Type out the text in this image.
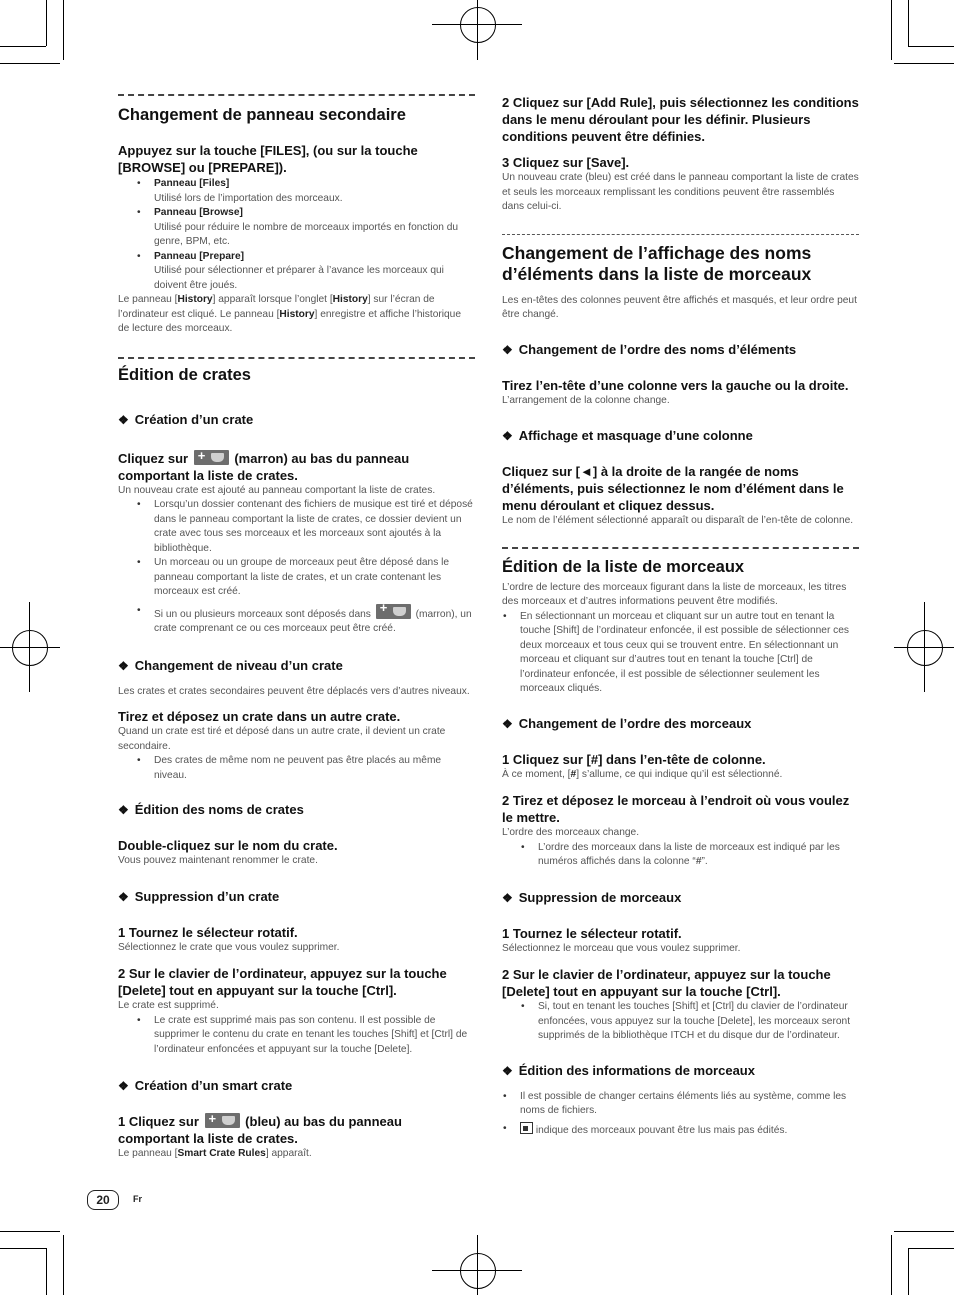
Changement de panneau secondaire

Appuyez sur la touche [FILES], (ou sur la touche [BROWSE] ou [PREPARE]).

• Panneau [Files]
Utilisé lors de l’importation des morceaux.
• Panneau [Browse]
Utilisé pour réduire le nombre de morceaux importés en fonction du genre, BPM, etc.
• Panneau [Prepare]
Utilisé pour sélectionner et préparer à l’avance les morceaux qui doivent être joués.

Le panneau [History] apparaît lorsque l’onglet [History] sur l’écran de l’ordinateur est cliqué. Le panneau [History] enregistre et affiche l’historique de lecture des morceaux.

Édition de crates

❖ Création d’un crate

Cliquez sur +	(marron) au bas du panneau comportant la liste de crates.

Un nouveau crate est ajouté au panneau comportant la liste de crates.

• Lorsqu’un dossier contenant des fichiers de musique est tiré et déposé dans le panneau comportant la liste de crates, ce dossier devient un crate avec tous ses morceaux et les morceaux sont ajoutés à la bibliothèque.
• Un morceau ou un groupe de morceaux peut être déposé dans le panneau comportant la liste de crates, et un crate contenant les morceaux est créé.
• Si un ou plusieurs morceaux sont déposés dans +	(marron), un crate comprenant ce ou ces morceaux peut être créé.

❖ Changement de niveau d’un crate

Les crates et crates secondaires peuvent être déplacés vers d’autres niveaux.

Tirez et déposez un crate dans un autre crate.

Quand un crate est tiré et déposé dans un autre crate, il devient un crate secondaire.

• Des crates de même nom ne peuvent pas être placés au même niveau.

❖ Édition des noms de crates

Double-cliquez sur le nom du crate.

Vous pouvez maintenant renommer le crate.

❖ Suppression d’un crate

1 Tournez le sélecteur rotatif.

Sélectionnez le crate que vous voulez supprimer.

2 Sur le clavier de l’ordinateur, appuyez sur la touche [Delete] tout en appuyant sur la touche [Ctrl].

Le crate est supprimé.

• Le crate est supprimé mais pas son contenu. Il est possible de supprimer le contenu du crate en tenant les touches [Shift] et [Ctrl] de l’ordinateur enfoncées et appuyant sur la touche [Delete].

❖ Création d’un smart crate

1 Cliquez sur +	(bleu) au bas du panneau comportant la liste de crates.

Le panneau [Smart Crate Rules] apparaît.

2 Cliquez sur [Add Rule], puis sélectionnez les conditions dans le menu déroulant pour les définir. Plusieurs conditions peuvent être définies.

3 Cliquez sur [Save].

Un nouveau crate (bleu) est créé dans le panneau comportant la liste de crates et seuls les morceaux remplissant les conditions peuvent être rassemblés dans celui-ci.

Changement de l’affichage des noms d’éléments dans la liste de morceaux

Les en-têtes des colonnes peuvent être affichés et masqués, et leur ordre peut être changé.

❖ Changement de l’ordre des noms d’éléments

Tirez l’en-tête d’une colonne vers la gauche ou la droite.

L’arrangement de la colonne change.

❖ Affichage et masquage d’une colonne

Cliquez sur [◄] à la droite de la rangée de noms d’éléments, puis sélectionnez le nom d’élément dans le menu déroulant et cliquez dessus.

Le nom de l’élément sélectionné apparaît ou disparaît de l’en-tête de colonne.

Édition de la liste de morceaux

L’ordre de lecture des morceaux figurant dans la liste de morceaux, les titres des morceaux et d’autres informations peuvent être modifiés.

• En sélectionnant un morceau et cliquant sur un autre tout en tenant la touche [Shift] de l’ordinateur enfoncée, il est possible de sélectionner ces deux morceaux et tous ceux qui se trouvent entre. En sélectionnant un morceau et cliquant sur d’autres tout en tenant la touche [Ctrl] de l’ordinateur enfoncée, il est possible de sélectionner seulement les morceaux cliqués.

❖ Changement de l’ordre des morceaux

1 Cliquez sur [#] dans l’en-tête de colonne.

À ce moment, [#] s’allume, ce qui indique qu’il est sélectionné.

2 Tirez et déposez le morceau à l’endroit où vous voulez le mettre.

L’ordre des morceaux change.

• L’ordre des morceaux dans la liste de morceaux est indiqué par les numéros affichés dans la colonne “#”.

❖ Suppression de morceaux

1 Tournez le sélecteur rotatif.

Sélectionnez le morceau que vous voulez supprimer.

2 Sur le clavier de l’ordinateur, appuyez sur la touche [Delete] tout en appuyant sur la touche [Ctrl].

• Si, tout en tenant les touches [Shift] et [Ctrl] du clavier de l’ordinateur enfoncées, vous appuyez sur la touche [Delete], les morceaux seront supprimés de la bibliothèque ITCH et du disque dur de l’ordinateur.

❖ Édition des informations de morceaux

• Il est possible de changer certains éléments liés au système, comme les noms de fichiers.
• indique des morceaux pouvant être lus mais pas édités.
20	Fr
